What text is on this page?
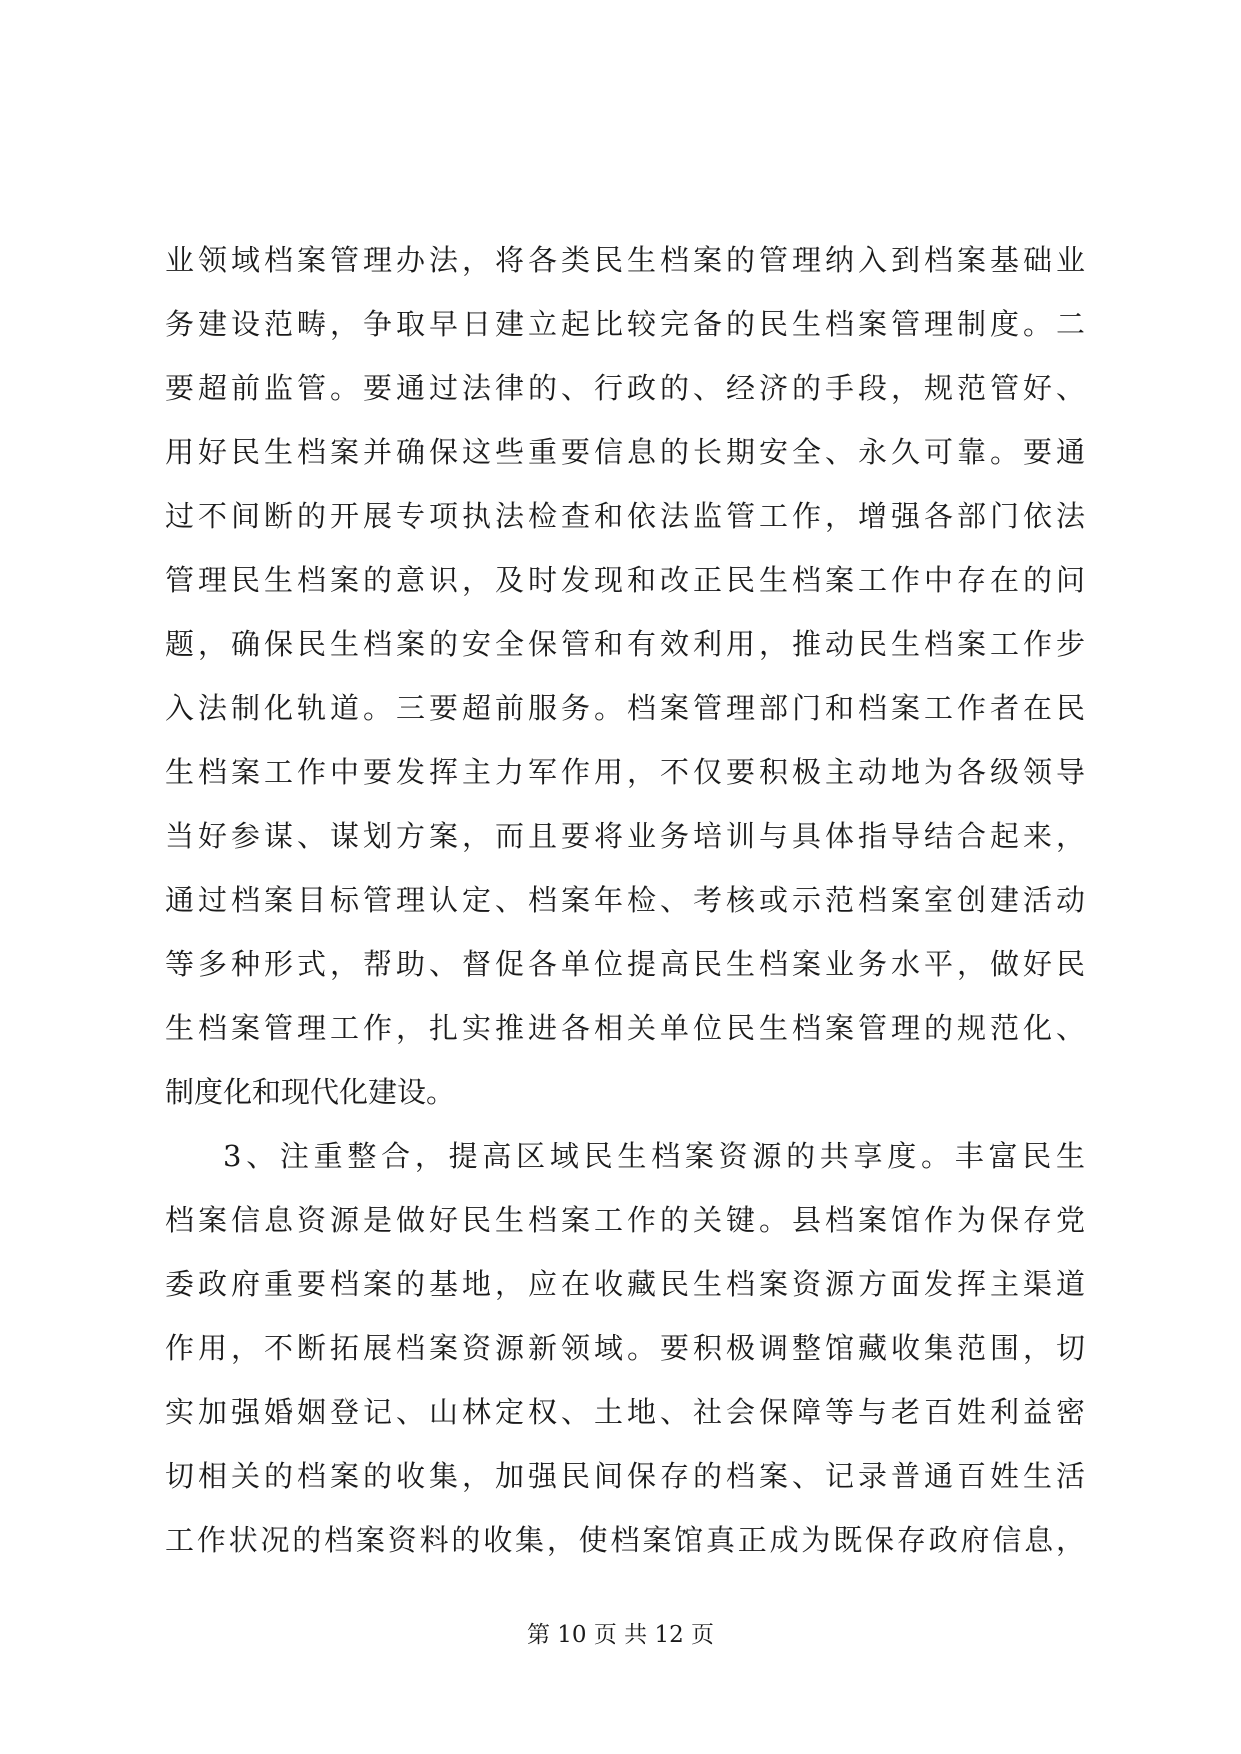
业领域档案管理办法，将各类民生档案的管理纳入到档案基础业
务建设范畴，争取早日建立起比较完备的民生档案管理制度。二
要超前监管。要通过法律的、行政的、经济的手段，规范管好、
用好民生档案并确保这些重要信息的长期安全、永久可靠。要通
过不间断的开展专项执法检查和依法监管工作，增强各部门依法
管理民生档案的意识，及时发现和改正民生档案工作中存在的问
题，确保民生档案的安全保管和有效利用，推动民生档案工作步
入法制化轨道。三要超前服务。档案管理部门和档案工作者在民
生档案工作中要发挥主力军作用，不仅要积极主动地为各级领导
当好参谋、谋划方案，而且要将业务培训与具体指导结合起来，
通过档案目标管理认定、档案年检、考核或示范档案室创建活动
等多种形式，帮助、督促各单位提高民生档案业务水平，做好民
生档案管理工作，扎实推进各相关单位民生档案管理的规范化、
制度化和现代化建设。
3、注重整合，提高区域民生档案资源的共享度。丰富民生
档案信息资源是做好民生档案工作的关键。县档案馆作为保存党
委政府重要档案的基地，应在收藏民生档案资源方面发挥主渠道
作用，不断拓展档案资源新领域。要积极调整馆藏收集范围，切
实加强婚姻登记、山林定权、土地、社会保障等与老百姓利益密
切相关的档案的收集，加强民间保存的档案、记录普通百姓生活
工作状况的档案资料的收集，使档案馆真正成为既保存政府信息，
第 10 页 共 12 页
